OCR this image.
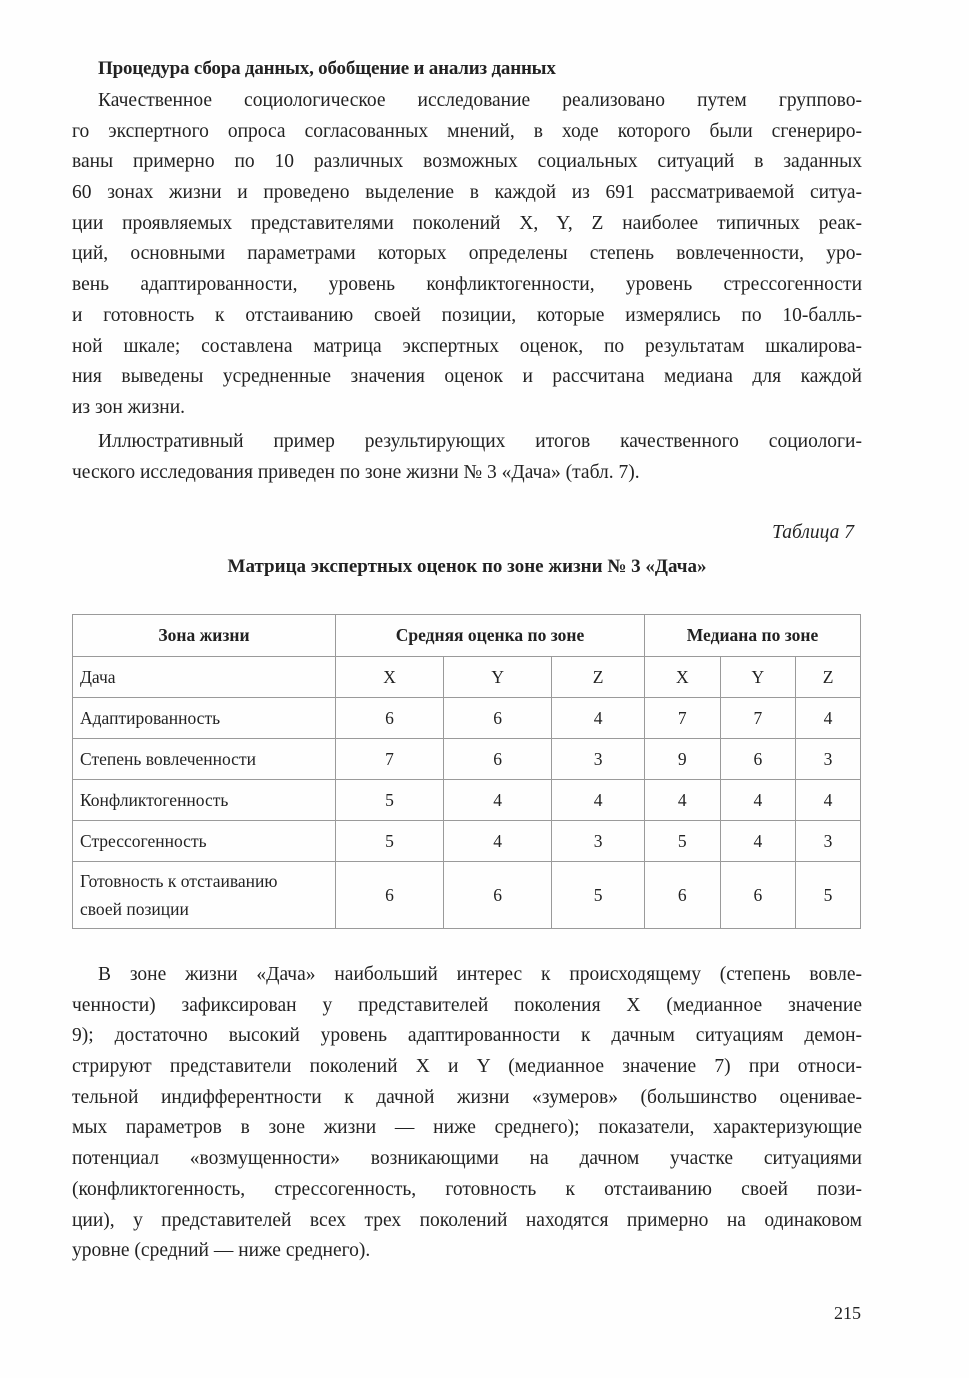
Процедура сбора данных, обобщение и анализ данных
Качественное социологическое исследование реализовано путем группово-
го экспертного опроса согласованных мнений, в ходе которого были сгенериро-
ваны примерно по 10 различных возможных социальных ситуаций в заданных
60 зонах жизни и проведено выделение в каждой из 691 рассматриваемой ситуа-
ции проявляемых представителями поколений X, Y, Z наиболее типичных реак-
ций, основными параметрами которых определены степень вовлеченности, уро-
вень адаптированности, уровень конфликтогенности, уровень стрессогенности
и готовность к отстаиванию своей позиции, которые измерялись по 10-балль-
ной шкале; составлена матрица экспертных оценок, по результатам шкалирова-
ния выведены усредненные значения оценок и рассчитана медиана для каждой
из зон жизни.
Иллюстративный пример результирующих итогов качественного социологи-
ческого исследования приведен по зоне жизни № 3 «Дача» (табл. 7).
Таблица 7
Матрица экспертных оценок по зоне жизни № 3 «Дача»
Зона жизни	Средняя оценка по зоне			Медиана по зоне		
Дача	X	Y	Z	X	Y	Z
Адаптированность	6	6	4	7	7	4
Степень вовлеченности	7	6	3	9	6	3
Конфликтогенность	5	4	4	4	4	4
Стрессогенность	5	4	3	5	4	3
Готовность к отстаиванию
своей позиции	6	6	5	6	6	5
В зоне жизни «Дача» наибольший интерес к происходящему (степень вовле-
ченности) зафиксирован у представителей поколения X (медианное значение
9); достаточно высокий уровень адаптированности к дачным ситуациям демон-
стрируют представители поколений X и Y (медианное значение 7) при относи-
тельной индифферентности к дачной жизни «зумеров» (большинство оценивае-
мых параметров в зоне жизни — ниже среднего); показатели, характеризующие
потенциал «возмущенности» возникающими на дачном участке ситуациями
(конфликтогенность, стрессогенность, готовность к отстаиванию своей пози-
ции), у представителей всех трех поколений находятся примерно на одинаковом
уровне (средний — ниже среднего).
215
